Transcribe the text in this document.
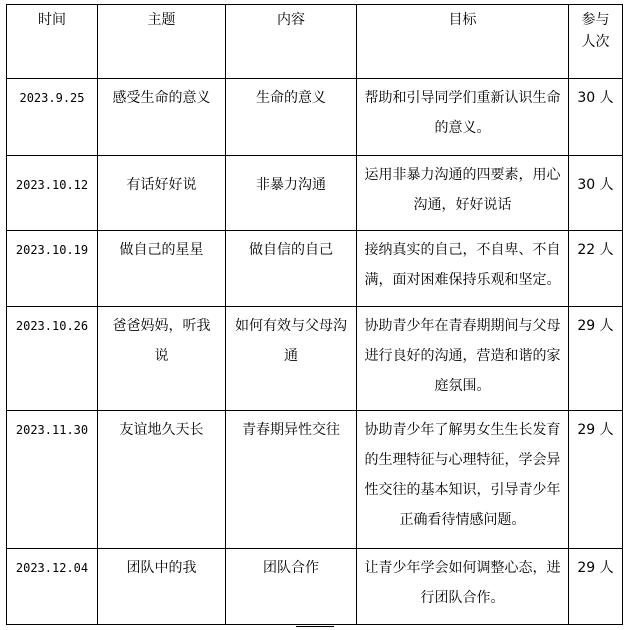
时间	主题	内容	目标	参与人次

2023.9.25	感受生命的意义	生命的意义	帮助和引导同学们重新认识生命的意义。	30 人

2023.10.12	有话好好说	非暴力沟通	运用非暴力沟通的四要素，用心沟通，好好说话	30 人

2023.10.19	做自己的星星	做自信的自己	接纳真实的自己，不自卑、不自满，面对困难保持乐观和坚定。	22 人

2023.10.26	爸爸妈妈，听我说	如何有效与父母沟通	协助青少年在青春期期间与父母进行良好的沟通，营造和谐的家庭氛围。	29 人

2023.11.30	友谊地久天长	青春期异性交往	协助青少年了解男女生生长发育的生理特征与心理特征，学会异性交往的基本知识，引导青少年正确看待情感问题。	29 人

2023.12.04	团队中的我	团队合作	让青少年学会如何调整心态，进行团队合作。	29 人
